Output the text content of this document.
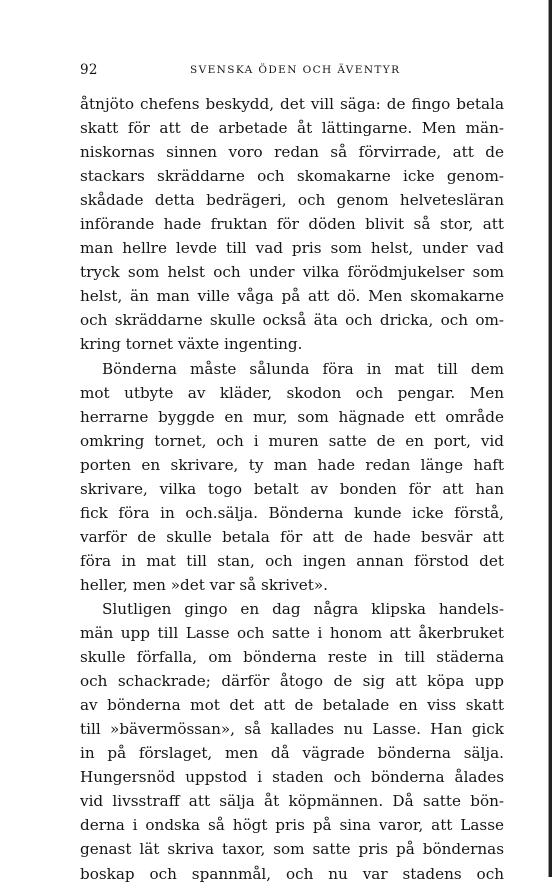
92	SVENSKA ÖDEN OCH ÄVENTYR
åtnjöto chefens beskydd, det vill säga: de fingo betala
skatt för att de arbetade åt lättingarne. Men män-
niskornas sinnen voro redan så förvirrade, att de
stackars skräddarne och skomakarne icke genom-
skådade detta bedrägeri, och genom helvetesläran
införande hade fruktan för döden blivit så stor, att
man hellre levde till vad pris som helst, under vad
tryck som helst och under vilka förödmjukelser som
helst, än man ville våga på att dö. Men skomakarne
och skräddarne skulle också äta och dricka, och om-
kring tornet växte ingenting.
Bönderna måste sålunda föra in mat till dem
mot utbyte av kläder, skodon och pengar. Men
herrarne byggde en mur, som hägnade ett område
omkring tornet, och i muren satte de en port, vid
porten en skrivare, ty man hade redan länge haft
skrivare, vilka togo betalt av bonden för att han
fick föra in och.sälja. Bönderna kunde icke förstå,
varför de skulle betala för att de hade besvär att
föra in mat till stan, och ingen annan förstod det
heller, men »det var så skrivet».
Slutligen gingo en dag några klipska handels-
män upp till Lasse och satte i honom att åkerbruket
skulle förfalla, om bönderna reste in till städerna
och schackrade; därför åtogo de sig att köpa upp
av bönderna mot det att de betalade en viss skatt
till »bävermössan», så kallades nu Lasse. Han gick
in på förslaget, men då vägrade bönderna sälja.
Hungersnöd uppstod i staden och bönderna ålades
vid livsstraff att sälja åt köpmännen. Då satte bön-
derna i ondska så högt pris på sina varor, att Lasse
genast lät skriva taxor, som satte pris på böndernas
boskap och spannmål, och nu var stadens och
